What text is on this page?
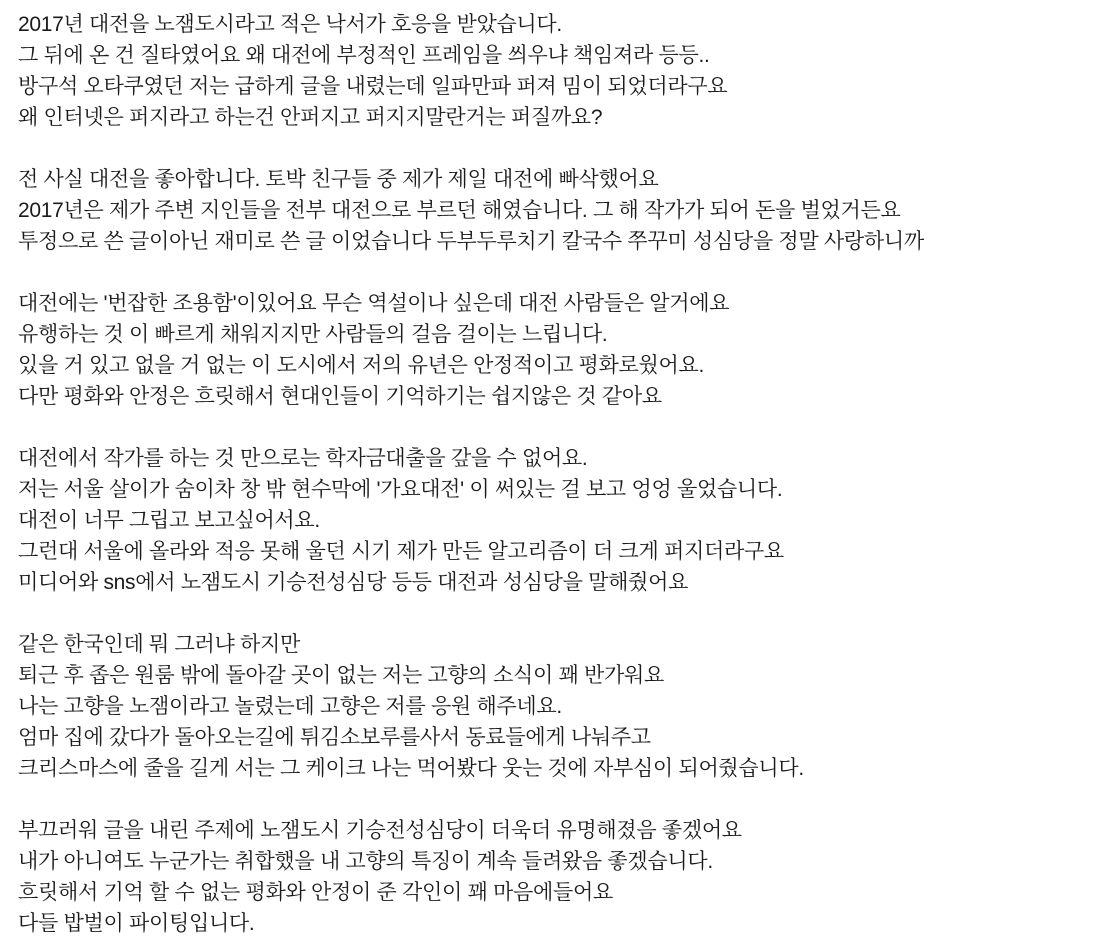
2017년 대전을 노잼도시라고 적은 낙서가 호응을 받았습니다.
그 뒤에 온 건 질타였어요 왜 대전에 부정적인 프레임을 씌우냐 책임져라 등등..
방구석 오타쿠였던 저는 급하게 글을 내렸는데 일파만파 퍼져 밈이 되었더라구요
왜 인터넷은 퍼지라고 하는건 안퍼지고 퍼지지말란거는 퍼질까요?
전 사실 대전을 좋아합니다. 토박 친구들 중 제가 제일 대전에 빠삭했어요
2017년은 제가 주변 지인들을 전부 대전으로 부르던 해였습니다. 그 해 작가가 되어 돈을 벌었거든요
투정으로 쓴 글이아닌 재미로 쓴 글 이었습니다 두부두루치기 칼국수 쭈꾸미 성심당을 정말 사랑하니까
대전에는 '번잡한 조용함'이있어요 무슨 역설이나 싶은데 대전 사람들은 알거에요
유행하는 것 이 빠르게 채워지지만 사람들의 걸음 걸이는 느립니다.
있을 거 있고 없을 거 없는 이 도시에서 저의 유년은 안정적이고 평화로웠어요.
다만 평화와 안정은 흐릿해서 현대인들이 기억하기는 쉽지않은 것 같아요
대전에서 작가를 하는 것 만으로는 학자금대출을 갚을 수 없어요.
저는 서울 살이가 숨이차 창 밖 현수막에 '가요대전' 이 써있는 걸 보고 엉엉 울었습니다.
대전이 너무 그립고 보고싶어서요.
그런대 서울에 올라와 적응 못해 울던 시기 제가 만든 알고리즘이 더 크게 퍼지더라구요
미디어와 sns에서 노잼도시 기승전성심당 등등 대전과 성심당을 말해줬어요
같은 한국인데 뭐 그러냐 하지만
퇴근 후 좁은 원룸 밖에 돌아갈 곳이 없는 저는 고향의 소식이 꽤 반가워요
나는 고향을 노잼이라고 놀렸는데 고향은 저를 응원 해주네요.
엄마 집에 갔다가 돌아오는길에 튀김소보루를사서 동료들에게 나눠주고
크리스마스에 줄을 길게 서는 그 케이크 나는 먹어봤다 웃는 것에 자부심이 되어줬습니다.
부끄러워 글을 내린 주제에 노잼도시 기승전성심당이 더욱더 유명해졌음 좋겠어요
내가 아니여도 누군가는 취합했을 내 고향의 특징이 계속 들려왔음 좋겠습니다.
흐릿해서 기억 할 수 없는 평화와 안정이 준 각인이 꽤 마음에들어요
다들 밥벌이 파이팅입니다.
